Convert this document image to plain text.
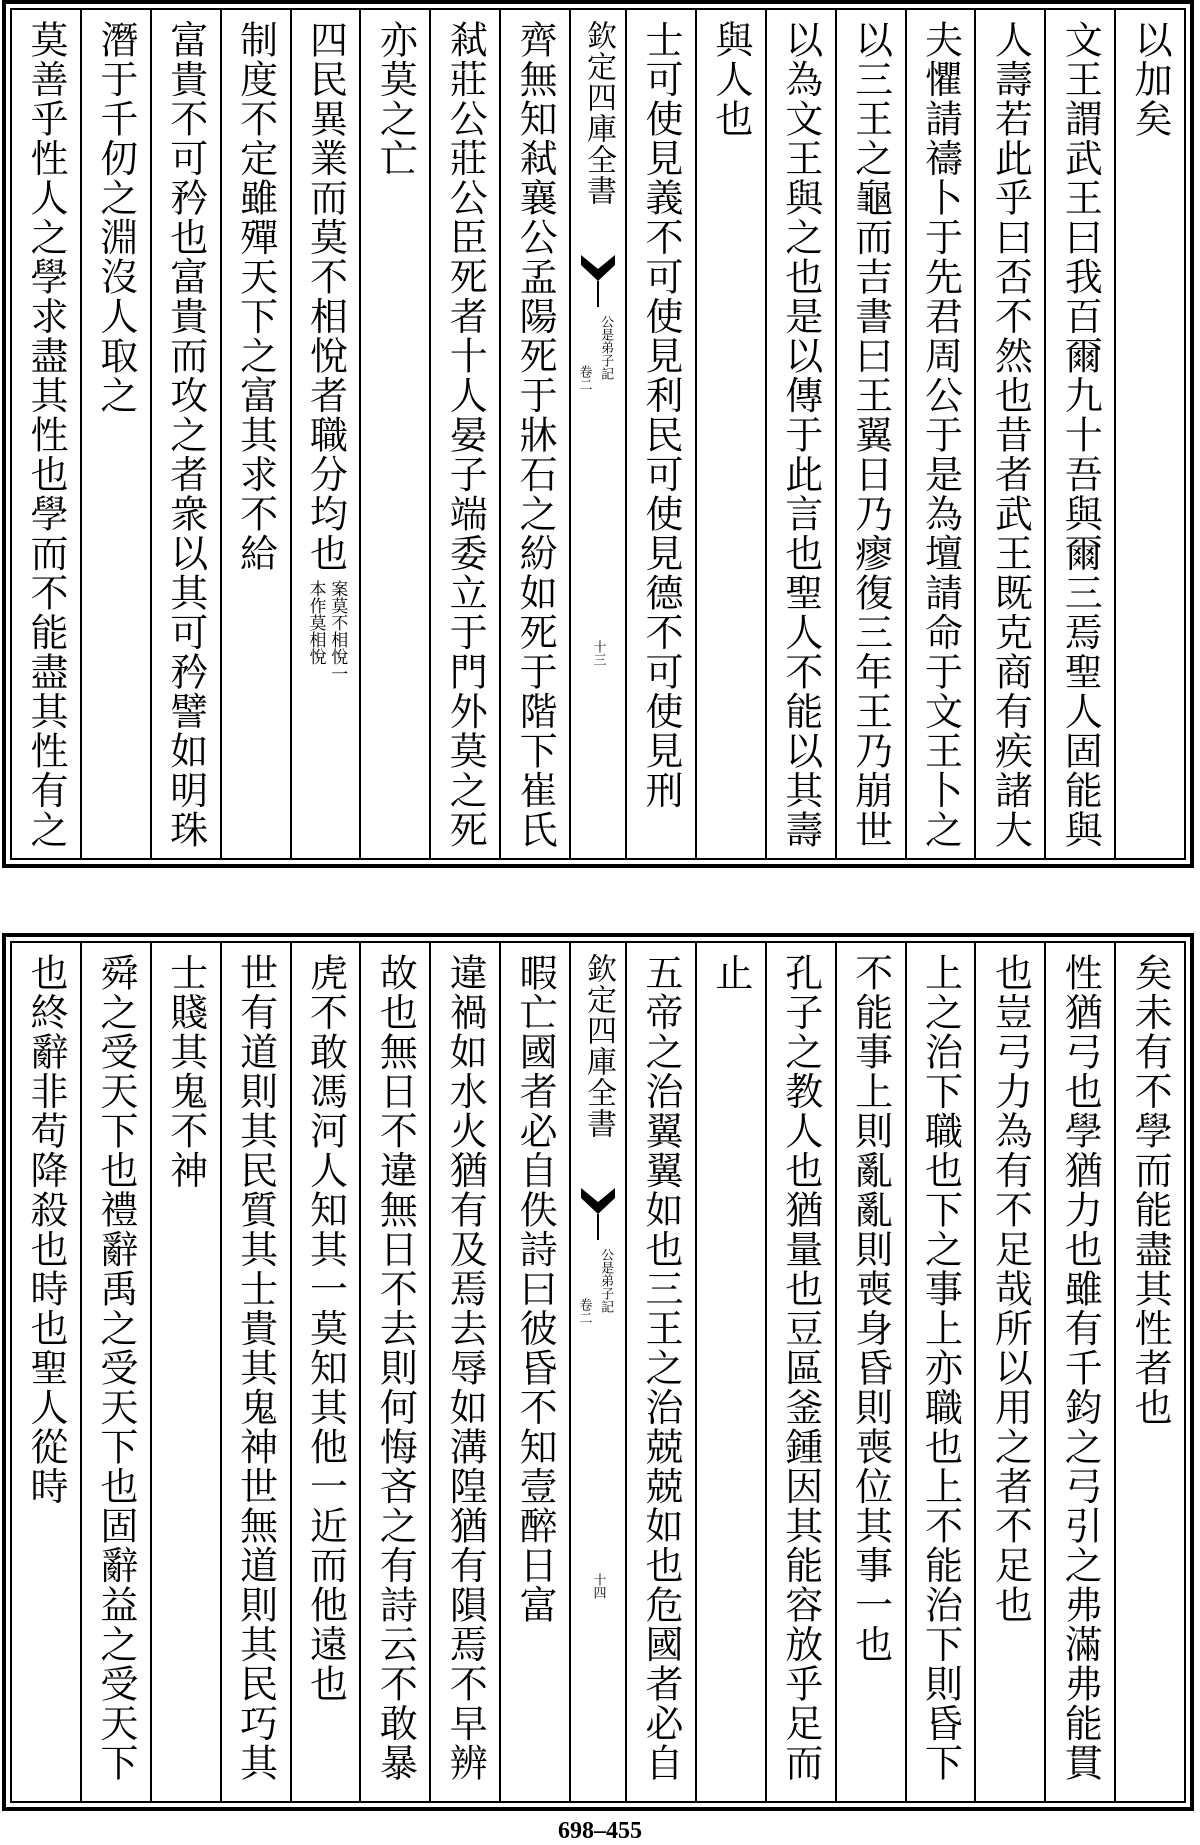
以加矣
文王謂武王曰我百爾九十吾與爾三焉聖人固能與
人壽若此乎曰否不然也昔者武王既克商有疾諸大
夫懼請禱卜于先君周公于是為壇請命于文王卜之
以三王之龜而吉書曰王翼日乃瘳復三年王乃崩世
以為文王與之也是以傳于此言也聖人不能以其壽
與人也
士可使見義不可使見利民可使見德不可使見刑
欽定四庫全書
公是弟子記
卷二
十三
齊無知弒襄公孟陽死于牀石之紛如死于階下崔氏
弒莊公莊公臣死者十人晏子端委立于門外莫之死
亦莫之亡
四民異業而莫不相悅者職分均也
案莫不相悅一
本作莫相悅
制度不定雖殫天下之富其求不給
富貴不可矜也富貴而攻之者衆以其可矜譬如明珠
潛于千仞之淵沒人取之
莫善乎性人之學求盡其性也學而不能盡其性有之
矣未有不學而能盡其性者也
性猶弓也學猶力也雖有千鈞之弓引之弗滿弗能貫
也豈弓力為有不足哉所以用之者不足也
上之治下職也下之事上亦職也上不能治下則昏下
不能事上則亂亂則喪身昏則喪位其事一也
孔子之教人也猶量也豆區釜鍾因其能容放乎足而
止
五帝之治翼翼如也三王之治兢兢如也危國者必自
欽定四庫全書
公是弟子記
卷二
十四
暇亡國者必自佚詩曰彼昏不知壹醉日富
違禍如水火猶有及焉去辱如溝隍猶有隕焉不早辨
故也無日不違無日不去則何悔吝之有詩云不敢暴
虎不敢馮河人知其一莫知其他一近而他遠也
世有道則其民質其士貴其鬼神世無道則其民巧其
士賤其鬼不神
舜之受天下也禮辭禹之受天下也固辭益之受天下
也終辭非苟降殺也時也聖人從時
698–455
